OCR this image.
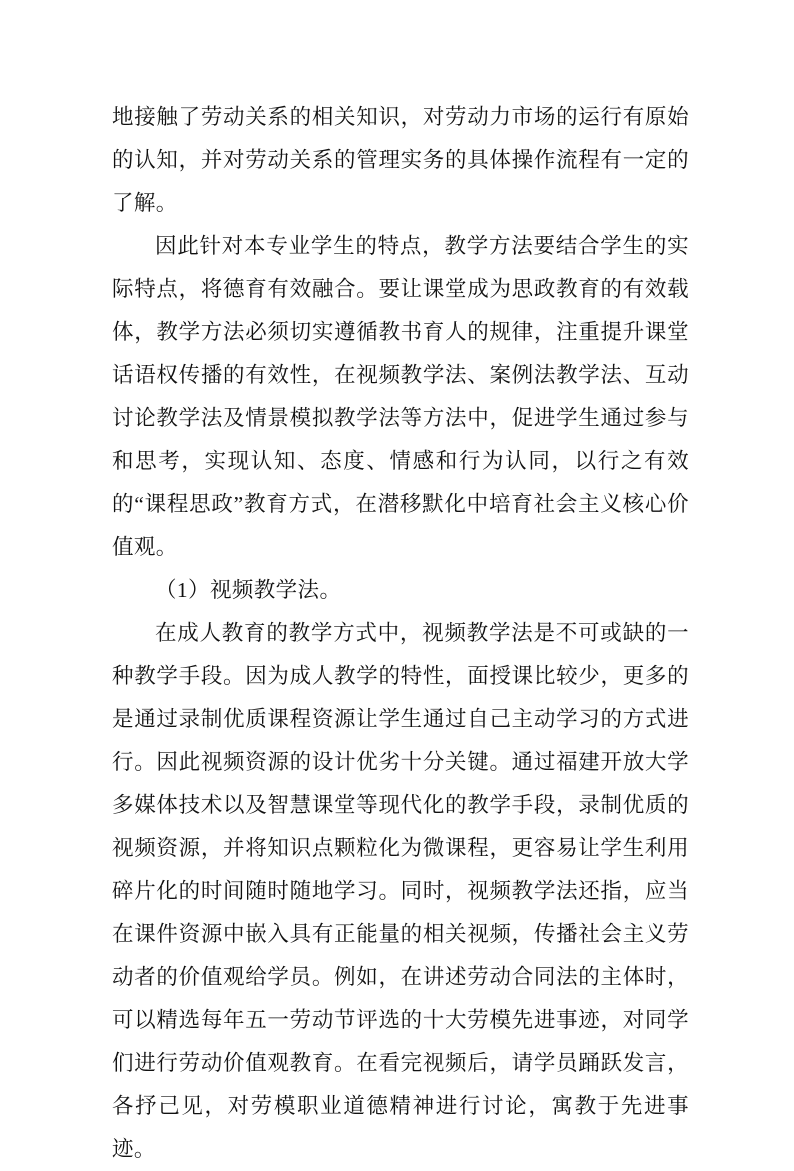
地接触了劳动关系的相关知识，对劳动力市场的运行有原始的认知，并对劳动关系的管理实务的具体操作流程有一定的了解。

因此针对本专业学生的特点，教学方法要结合学生的实际特点，将德育有效融合。要让课堂成为思政教育的有效载体，教学方法必须切实遵循教书育人的规律，注重提升课堂话语权传播的有效性，在视频教学法、案例法教学法、互动讨论教学法及情景模拟教学法等方法中，促进学生通过参与和思考，实现认知、态度、情感和行为认同，以行之有效的“课程思政”教育方式，在潜移默化中培育社会主义核心价值观。

（1）视频教学法。

在成人教育的教学方式中，视频教学法是不可或缺的一种教学手段。因为成人教学的特性，面授课比较少，更多的是通过录制优质课程资源让学生通过自己主动学习的方式进行。因此视频资源的设计优劣十分关键。通过福建开放大学多媒体技术以及智慧课堂等现代化的教学手段，录制优质的视频资源，并将知识点颗粒化为微课程，更容易让学生利用碎片化的时间随时随地学习。同时，视频教学法还指，应当在课件资源中嵌入具有正能量的相关视频，传播社会主义劳动者的价值观给学员。例如，在讲述劳动合同法的主体时，可以精选每年五一劳动节评选的十大劳模先进事迹，对同学们进行劳动价值观教育。在看完视频后，请学员踊跃发言，各抒己见，对劳模职业道德精神进行讨论，寓教于先进事迹。
